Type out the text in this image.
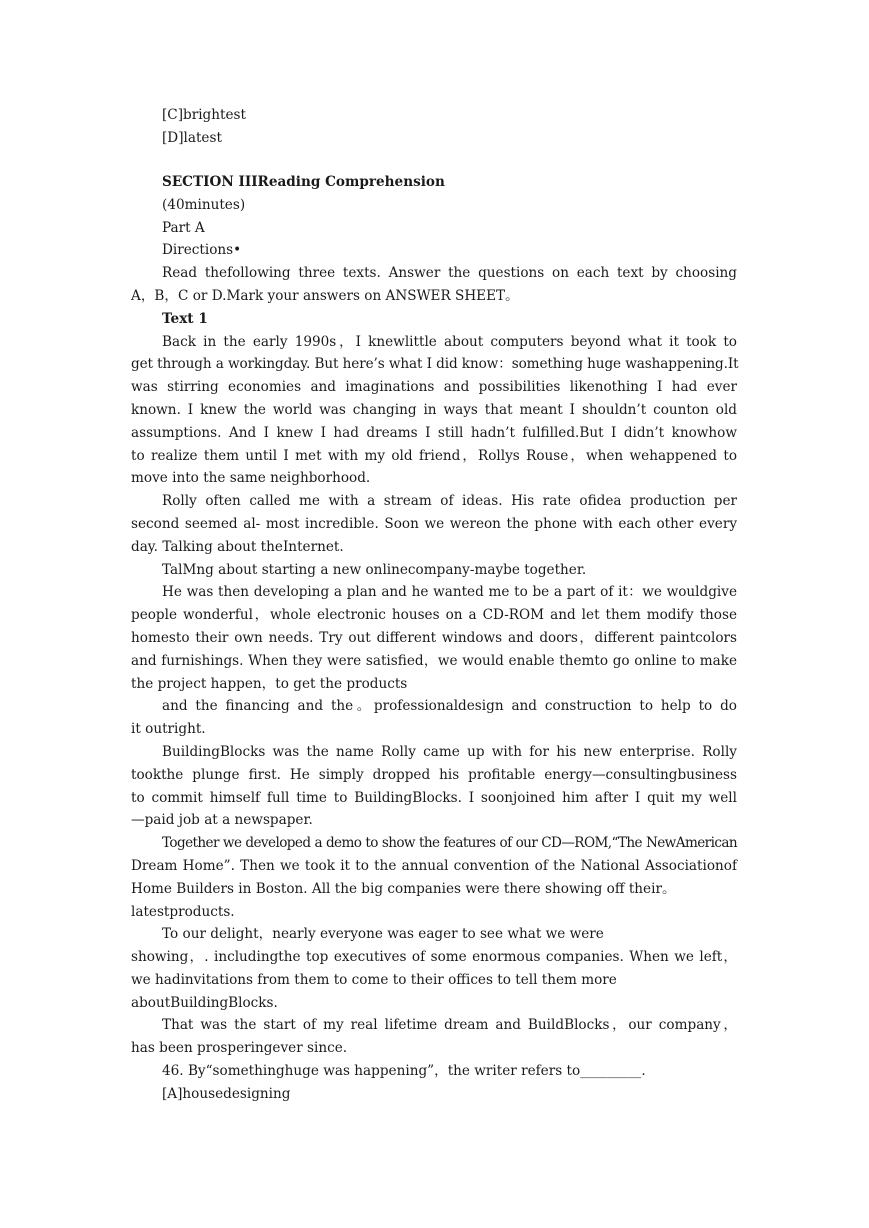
[C]brightest
[D]latest
SECTION IIIReading Comprehension
(40minutes)
Part A
Directions•
Read thefollowing three texts. Answer the questions on each text by choosing
A，B，C or D.Mark your answers on ANSWER SHEET。
Text 1
Back in the early 1990s，I knewlittle about computers beyond what it took to
get through a workingday. But here’s what I did know：something huge washappening.It
was stirring economies and imaginations and possibilities likenothing I had ever
known. I knew the world was changing in ways that meant I shouldn’t counton old
assumptions. And I knew I had dreams I still hadn’t fulfilled.But I didn’t knowhow
to realize them until I met with my old friend，Rollys Rouse，when wehappened to
move into the same neighborhood.
Rolly often called me with a stream of ideas. His rate ofidea production per
second seemed al- most incredible. Soon we wereon the phone with each other every
day. Talking about theInternet.
TalMng about starting a new onlinecompany-maybe together.
He was then developing a plan and he wanted me to be a part of it：we wouldgive
people wonderful，whole electronic houses on a CD-ROM and let them modify those
homesto their own needs. Try out different windows and doors，different paintcolors
and furnishings. When they were satisfied，we would enable themto go online to make
the project happen，to get the products
and the financing and the。professionaldesign and construction to help to do
it outright.
BuildingBlocks was the name Rolly came up with for his new enterprise. Rolly
tookthe plunge first. He simply dropped his profitable energy—consultingbusiness
to commit himself full time to BuildingBlocks. I soonjoined him after I quit my well
—paid job at a newspaper.
Together we developed a demo to show the features of our CD—ROM,“The NewAmerican
Dream Home”. Then we took it to the annual convention of the National Associationof
Home Builders in Boston. All the big companies were there showing off their。
latestproducts.
To our delight，nearly everyone was eager to see what we were
showing，. includingthe top executives of some enormous companies. When we left，
we hadinvitations from them to come to their offices to tell them more
aboutBuildingBlocks.
That was the start of my real lifetime dream and BuildBlocks，our company，
has been prosperingever since.
46. By“somethinghuge was happening”，the writer refers to_________.
[A]housedesigning
